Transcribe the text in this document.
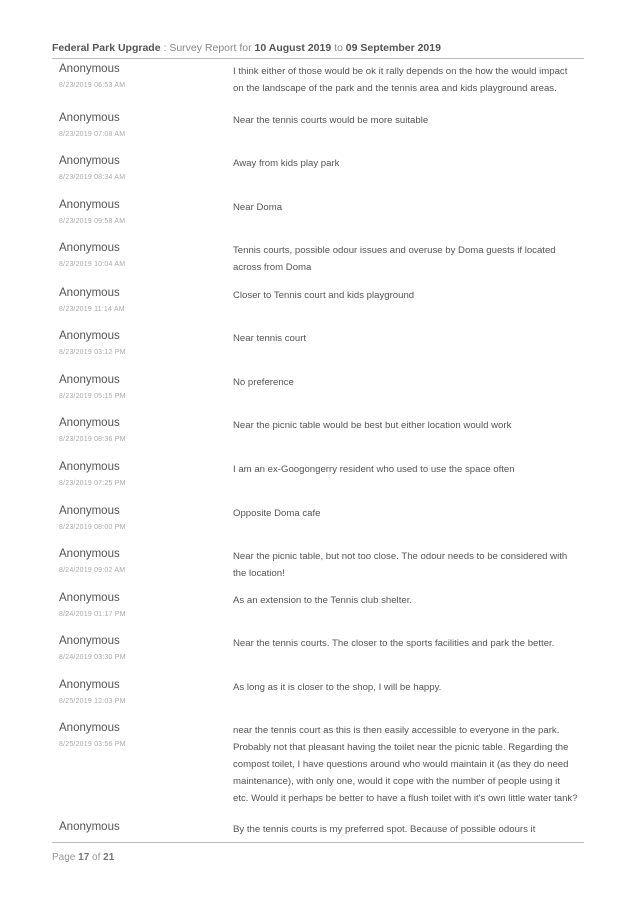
Federal Park Upgrade : Survey Report for 10 August 2019 to 09 September 2019
Anonymous
8/23/2019 06:53 AM
I think either of those would be ok it rally depends on the how the would impact on the landscape of the park and the tennis area and kids playground areas.
Anonymous
8/23/2019 07:08 AM
Near the tennis courts would be more suitable
Anonymous
8/23/2019 08:34 AM
Away from kids play park
Anonymous
8/23/2019 09:58 AM
Near Doma
Anonymous
8/23/2019 10:04 AM
Tennis courts, possible odour issues and overuse by Doma guests if located across from Doma
Anonymous
8/23/2019 11:14 AM
Closer to Tennis court and kids playground
Anonymous
8/23/2019 03:12 PM
Near tennis court
Anonymous
8/23/2019 05:15 PM
No preference
Anonymous
8/23/2019 08:36 PM
Near the picnic table would be best but either location would work
Anonymous
8/23/2019 07:25 PM
I am an ex-Googongerry resident who used to use the space often
Anonymous
8/23/2019 08:00 PM
Opposite Doma cafe
Anonymous
8/24/2019 09:02 AM
Near the picnic table, but not too close. The odour needs to be considered with the location!
Anonymous
8/24/2019 01:17 PM
As an extension to the Tennis club shelter.
Anonymous
8/24/2019 03:30 PM
Near the tennis courts. The closer to the sports facilities and park the better.
Anonymous
8/25/2019 12:03 PM
As long as it is closer to the shop, I will be happy.
Anonymous
8/25/2019 03:56 PM
near the tennis court as this is then easily accessible to everyone in the park. Probably not that pleasant having the toilet near the picnic table. Regarding the compost toilet, I have questions around who would maintain it (as they do need maintenance), with only one, would it cope with the number of people using it etc. Would it perhaps be better to have a flush toilet with it's own little water tank?
Anonymous	By the tennis courts is my preferred spot. Because of possible odours it
Page 17 of 21
